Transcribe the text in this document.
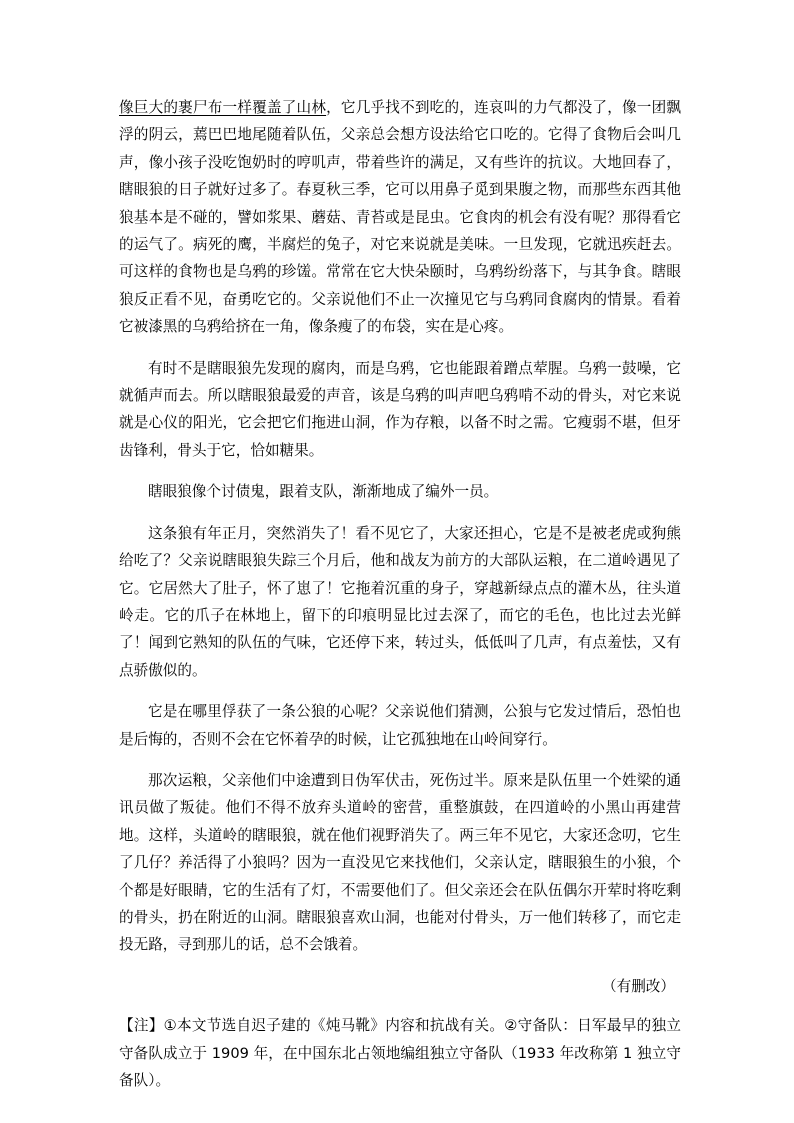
像巨大的裹尸布一样覆盖了山林，它几乎找不到吃的，连哀叫的力气都没了，像一团飘浮的阴云，蔫巴巴地尾随着队伍，父亲总会想方设法给它口吃的。它得了食物后会叫几声，像小孩子没吃饱奶时的哼叽声，带着些许的满足，又有些许的抗议。大地回春了，瞎眼狼的日子就好过多了。春夏秋三季，它可以用鼻子觅到果腹之物，而那些东西其他狼基本是不碰的，譬如浆果、蘑菇、青苔或是昆虫。它食肉的机会有没有呢？那得看它的运气了。病死的鹰，半腐烂的兔子，对它来说就是美味。一旦发现，它就迅疾赶去。可这样的食物也是乌鸦的珍馐。常常在它大快朵颐时，乌鸦纷纷落下，与其争食。瞎眼狼反正看不见，奋勇吃它的。父亲说他们不止一次撞见它与乌鸦同食腐肉的情景。看着它被漆黑的乌鸦给挤在一角，像条瘦了的布袋，实在是心疼。

有时不是瞎眼狼先发现的腐肉，而是乌鸦，它也能跟着蹭点荤腥。乌鸦一鼓噪，它就循声而去。所以瞎眼狼最爱的声音，该是乌鸦的叫声吧乌鸦啃不动的骨头，对它来说就是心仪的阳光，它会把它们拖进山洞，作为存粮，以备不时之需。它瘦弱不堪，但牙齿锋利，骨头于它，恰如糖果。

瞎眼狼像个讨债鬼，跟着支队，渐渐地成了编外一员。

这条狼有年正月，突然消失了！看不见它了，大家还担心，它是不是被老虎或狗熊给吃了？父亲说瞎眼狼失踪三个月后，他和战友为前方的大部队运粮，在二道岭遇见了它。它居然大了肚子，怀了崽了！它拖着沉重的身子，穿越新绿点点的灌木丛，往头道岭走。它的爪子在林地上，留下的印痕明显比过去深了，而它的毛色，也比过去光鲜了！闻到它熟知的队伍的气味，它还停下来，转过头，低低叫了几声，有点羞怯，又有点骄傲似的。

它是在哪里俘获了一条公狼的心呢？父亲说他们猜测，公狼与它发过情后，恐怕也是后悔的，否则不会在它怀着孕的时候，让它孤独地在山岭间穿行。

那次运粮，父亲他们中途遭到日伪军伏击，死伤过半。原来是队伍里一个姓梁的通讯员做了叛徒。他们不得不放弃头道岭的密营，重整旗鼓，在四道岭的小黑山再建营地。这样，头道岭的瞎眼狼，就在他们视野消失了。两三年不见它，大家还念叨，它生了几仔？养活得了小狼吗？因为一直没见它来找他们，父亲认定，瞎眼狼生的小狼，个个都是好眼睛，它的生活有了灯，不需要他们了。但父亲还会在队伍偶尔开荤时将吃剩的骨头，扔在附近的山洞。瞎眼狼喜欢山洞，也能对付骨头，万一他们转移了，而它走投无路，寻到那儿的话，总不会饿着。

（有删改）

【注】①本文节选自迟子建的《炖马靴》内容和抗战有关。②守备队：日军最早的独立守备队成立于 1909 年，在中国东北占领地编组独立守备队（1933 年改称第 1 独立守备队）。
